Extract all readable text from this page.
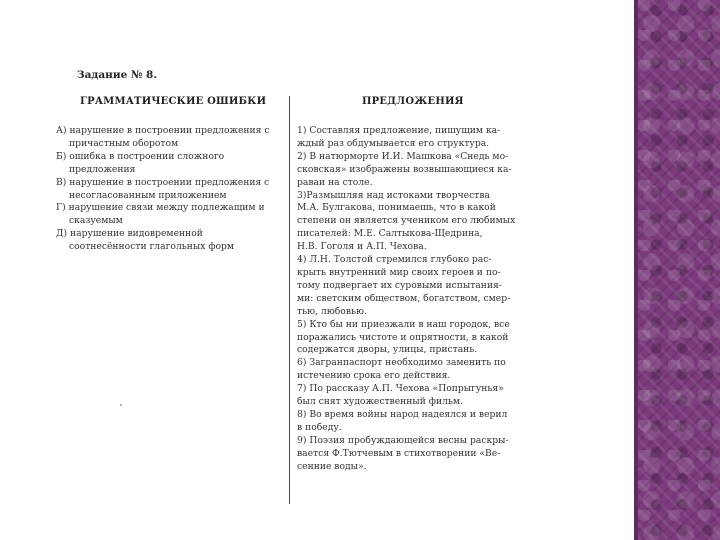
Задание № 8.
ГРАММАТИЧЕСКИЕ ОШИБКИ	ПРЕДЛОЖЕНИЯ
А) нарушение в построении предложения с
причастным оборотом
Б) ошибка в построении сложного
предложения
В) нарушение в построении предложения с
несогласованным приложением
Г) нарушение связи между подлежащим и
сказуемым
Д) нарушение видовременной
соотнесённости глагольных форм
1) Составляя предложение, пишущим ка-
ждый раз обдумывается его структура.
2) В натюрморте И.И. Машкова «Снедь мо-
сковская» изображены возвышающиеся ка-
раваи на столе.
3)Размышляя над истоками творчества
М.А. Булгакова, понимаешь, что в какой
степени он является учеником его любимых
писателей: М.Е. Салтыкова-Щедрина,
Н.В. Гоголя и А.П. Чехова.
4) Л.Н. Толстой стремился глубоко рас-
крыть внутренний мир своих героев и по-
тому подвергает их суровыми испытания-
ми: светским обществом, богатством, смер-
тью, любовью.
5) Кто бы ни приезжали в наш городок, все
поражались чистоте и опрятности, в какой
содержатся дворы, улицы, пристань.
6) Загранпаспорт необходимо заменить по
истечению срока его действия.
7) По рассказу А.П. Чехова «Попрыгунья»
был снят художественный фильм.
8) Во время войны народ надеялся и верил
в победу.
9) Поэзия пробуждающейся весны раскры-
вается Ф.Тютчевым в стихотворении «Ве-
сенние воды».
